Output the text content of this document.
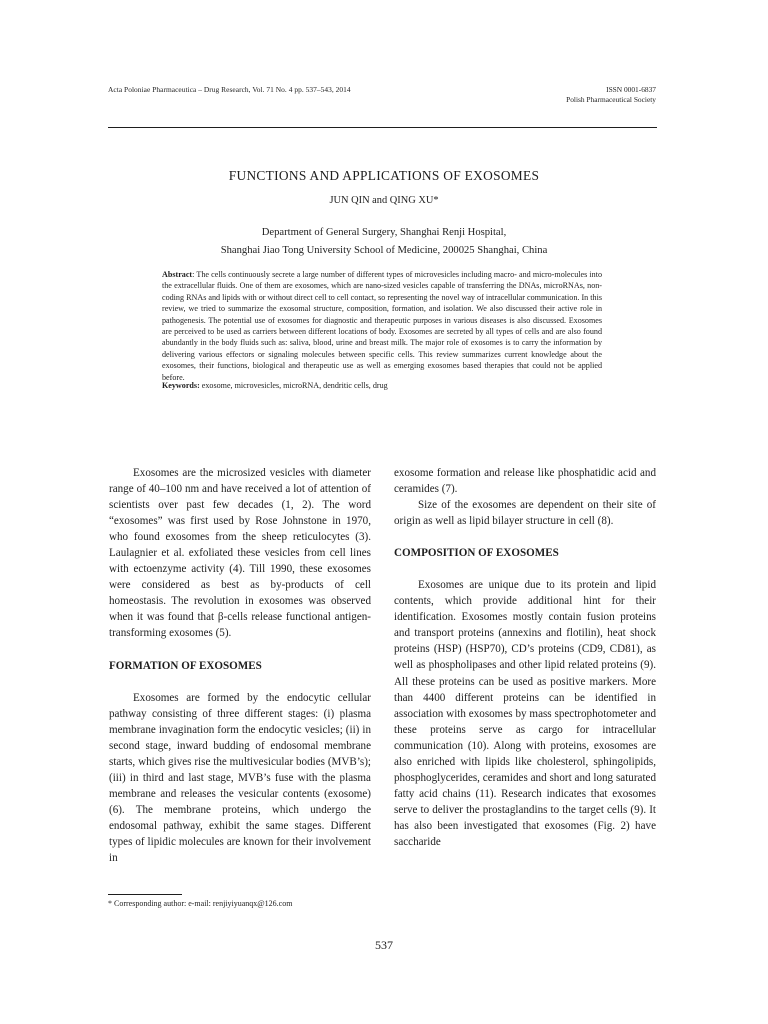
Acta Poloniae Pharmaceutica – Drug Research, Vol. 71 No. 4 pp. 537–543, 2014	ISSN 0001-6837
Polish Pharmaceutical Society
FUNCTIONS AND APPLICATIONS OF EXOSOMES
JUN QIN and QING XU*
Department of General Surgery, Shanghai Renji Hospital,
Shanghai Jiao Tong University School of Medicine, 200025 Shanghai, China
Abstract: The cells continuously secrete a large number of different types of microvesicles including macro- and micro-molecules into the extracellular fluids. One of them are exosomes, which are nano-sized vesicles capable of transferring the DNAs, microRNAs, non-coding RNAs and lipids with or without direct cell to cell contact, so representing the novel way of intracellular communication. In this review, we tried to summarize the exosomal structure, composition, formation, and isolation. We also discussed their active role in pathogenesis. The potential use of exosomes for diagnostic and therapeutic purposes in various diseases is also discussed. Exosomes are perceived to be used as carriers between different locations of body. Exosomes are secreted by all types of cells and are also found abundantly in the body fluids such as: saliva, blood, urine and breast milk. The major role of exosomes is to carry the information by delivering various effectors or signaling molecules between specific cells. This review summarizes current knowledge about the exosomes, their functions, biological and therapeutic use as well as emerging exosomes based therapies that could not be applied before.
Keywords: exosome, microvesicles, microRNA, dendritic cells, drug

Exosomes are the microsized vesicles with diameter range of 40–100 nm and have received a lot of attention of scientists over past few decades (1, 2). The word “exosomes” was first used by Rose Johnstone in 1970, who found exosomes from the sheep reticulocytes (3). Laulagnier et al. exfoliated these vesicles from cell lines with ectoenzyme activity (4). Till 1990, these exosomes were considered as best as by-products of cell homeostasis. The revolution in exosomes was observed when it was found that β-cells release functional antigen-transforming exosomes (5).

FORMATION OF EXOSOMES

Exosomes are formed by the endocytic cellular pathway consisting of three different stages: (i) plasma membrane invagination form the endocytic vesicles; (ii) in second stage, inward budding of endosomal membrane starts, which gives rise the multivesicular bodies (MVB’s); (iii) in third and last stage, MVB’s fuse with the plasma membrane and releases the vesicular contents (exosome) (6). The membrane proteins, which undergo the endosomal pathway, exhibit the same stages. Different types of lipidic molecules are known for their involvement in

exosome formation and release like phosphatidic acid and ceramides (7).

Size of the exosomes are dependent on their site of origin as well as lipid bilayer structure in cell (8).

COMPOSITION OF EXOSOMES

Exosomes are unique due to its protein and lipid contents, which provide additional hint for their identification. Exosomes mostly contain fusion proteins and transport proteins (annexins and flotilin), heat shock proteins (HSP) (HSP70), CD’s proteins (CD9, CD81), as well as phospholipases and other lipid related proteins (9). All these proteins can be used as positive markers. More than 4400 different proteins can be identified in association with exosomes by mass spectrophotometer and these proteins serve as cargo for intracellular communication (10). Along with proteins, exosomes are also enriched with lipids like cholesterol, sphingolipids, phosphoglycerides, ceramides and short and long saturated fatty acid chains (11). Research indicates that exosomes serve to deliver the prostaglandins to the target cells (9). It has also been investigated that exosomes (Fig. 2) have saccharide

* Corresponding author: e-mail: renjiyiyuanqx@126.com
537
